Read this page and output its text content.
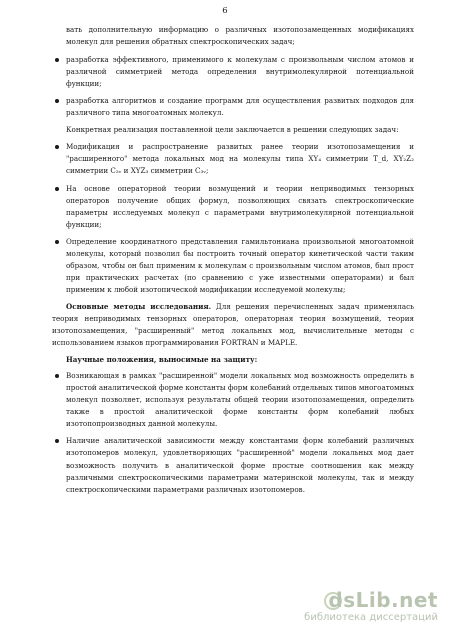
6
вать дополнительную информацию о различных изотопозамещенных модификациях молекул для решения обратных спектроскопических задач;
разработка эффективного, применимого к молекулам с произвольным числом атомов и различной симметрией метода определения внутримолекулярной потенциальной функции;
разработка алгоритмов и создание программ для осуществления развитых подходов для различного типа многоатомных молекул.
Конкретная реализация поставленной цели заключается в решении следующих задач:
Модификация и распространение развитых ранее теории изотопозамещения и "расширенного" метода локальных мод на молекулы типа XY₄ симметрии T_d, XY₂Z₂ симметрии C₂ᵥ и XYZ₃ симметрии C₃ᵥ;
На основе операторной теории возмущений и теории неприводимых тензорных операторов получение общих формул, позволяющих связать спектроскопические параметры исследуемых молекул с параметрами внутримолекулярной потенциальной функции;
Определение координатного представления гамильтониана произвольной многоатомной молекулы, который позволил бы построить точный оператор кинетической части таким образом, чтобы он был применим к молекулам с произвольным числом атомов, был прост при практических расчетах (по сравнению с уже известными операторами) и был применим к любой изотопической модификации исследуемой молекулы;
Основные методы исследования. Для решения перечисленных задач применялась теория неприводимых тензорных операторов, операторная теория возмущений, теория изотопозамещения, "расширенный" метод локальных мод, вычислительные методы с использованием языков программирования FORTRAN и MAPLE.
Научные положения, выносимые на защиту:
Возникающая в рамках "расширенной" модели локальных мод возможность определить в простой аналитической форме константы форм колебаний отдельных типов многоатомных молекул позволяет, используя результаты общей теории изотопозамещения, определить также в простой аналитической форме константы форм колебаний любых изотопопроизводных данной молекулы.
Наличие аналитической зависимости между константами форм колебаний различных изотопомеров молекул, удовлетворяющих "расширенной" модели локальных мод дает возможность получить в аналитической форме простые соотношения как между различными спектроскопическими параметрами материнской молекулы, так и между спектроскопическими параметрами различных изотопомеров.
dsLib.net
библиотека диссертаций
